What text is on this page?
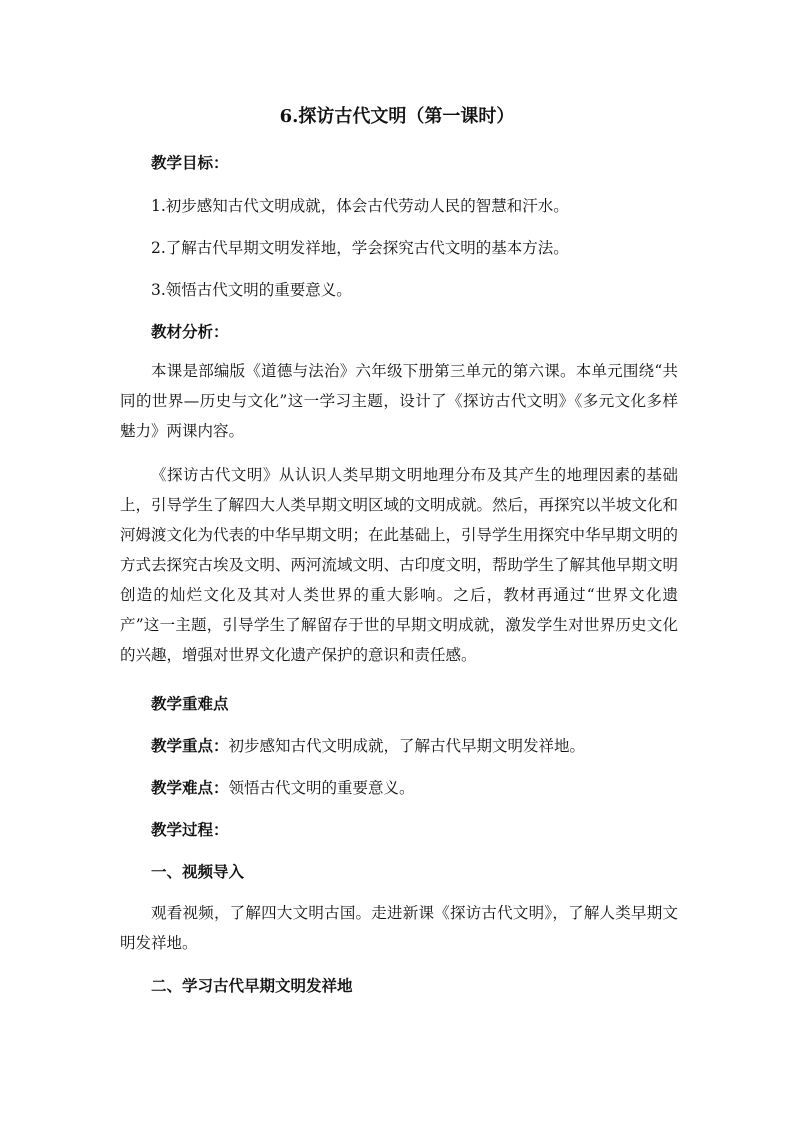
6.探访古代文明（第一课时）
教学目标：
1.初步感知古代文明成就，体会古代劳动人民的智慧和汗水。
2.了解古代早期文明发祥地，学会探究古代文明的基本方法。
3.领悟古代文明的重要意义。
教材分析：
本课是部编版《道德与法治》六年级下册第三单元的第六课。本单元围绕“共同的世界—历史与文化”这一学习主题，设计了《探访古代文明》《多元文化多样魅力》两课内容。
《探访古代文明》从认识人类早期文明地理分布及其产生的地理因素的基础上，引导学生了解四大人类早期文明区域的文明成就。然后，再探究以半坡文化和河姆渡文化为代表的中华早期文明；在此基础上，引导学生用探究中华早期文明的方式去探究古埃及文明、两河流域文明、古印度文明，帮助学生了解其他早期文明创造的灿烂文化及其对人类世界的重大影响。之后，教材再通过“世界文化遗产”这一主题，引导学生了解留存于世的早期文明成就，激发学生对世界历史文化的兴趣，增强对世界文化遗产保护的意识和责任感。
教学重难点
教学重点：初步感知古代文明成就，了解古代早期文明发祥地。
教学难点：领悟古代文明的重要意义。
教学过程：
一、视频导入
观看视频，了解四大文明古国。走进新课《探访古代文明》，了解人类早期文明发祥地。
二、学习古代早期文明发祥地
